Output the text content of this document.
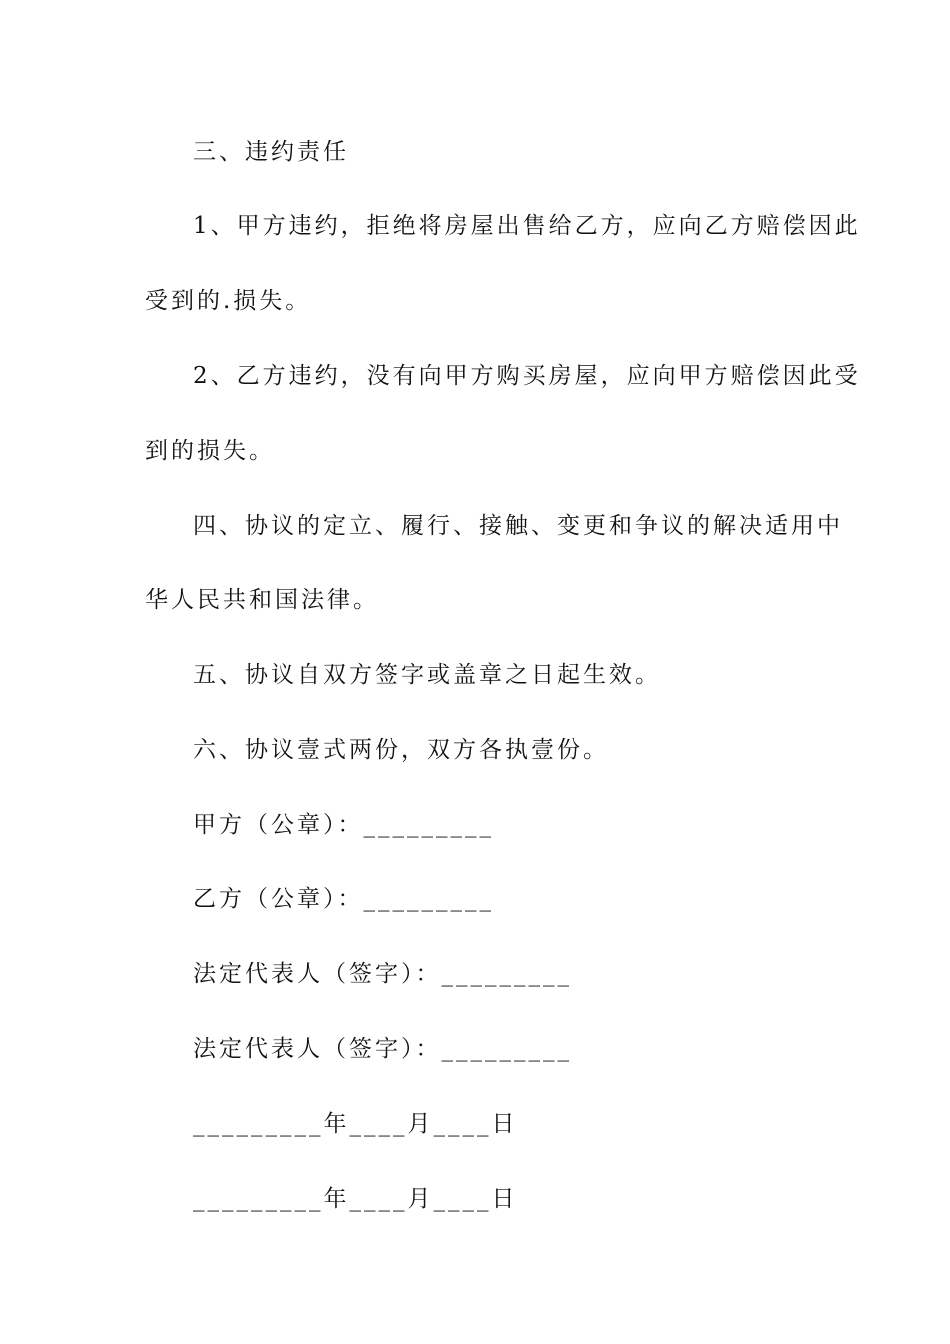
三、违约责任
1、甲方违约，拒绝将房屋出售给乙方，应向乙方赔偿因此
受到的.损失。
2、乙方违约，没有向甲方购买房屋，应向甲方赔偿因此受
到的损失。
四、协议的定立、履行、接触、变更和争议的解决适用中
华人民共和国法律。
五、协议自双方签字或盖章之日起生效。
六、协议壹式两份，双方各执壹份。
甲方（公章）：_________
乙方（公章）：_________
法定代表人（签字）：_________
法定代表人（签字）：_________
_________年____月____日
_________年____月____日
